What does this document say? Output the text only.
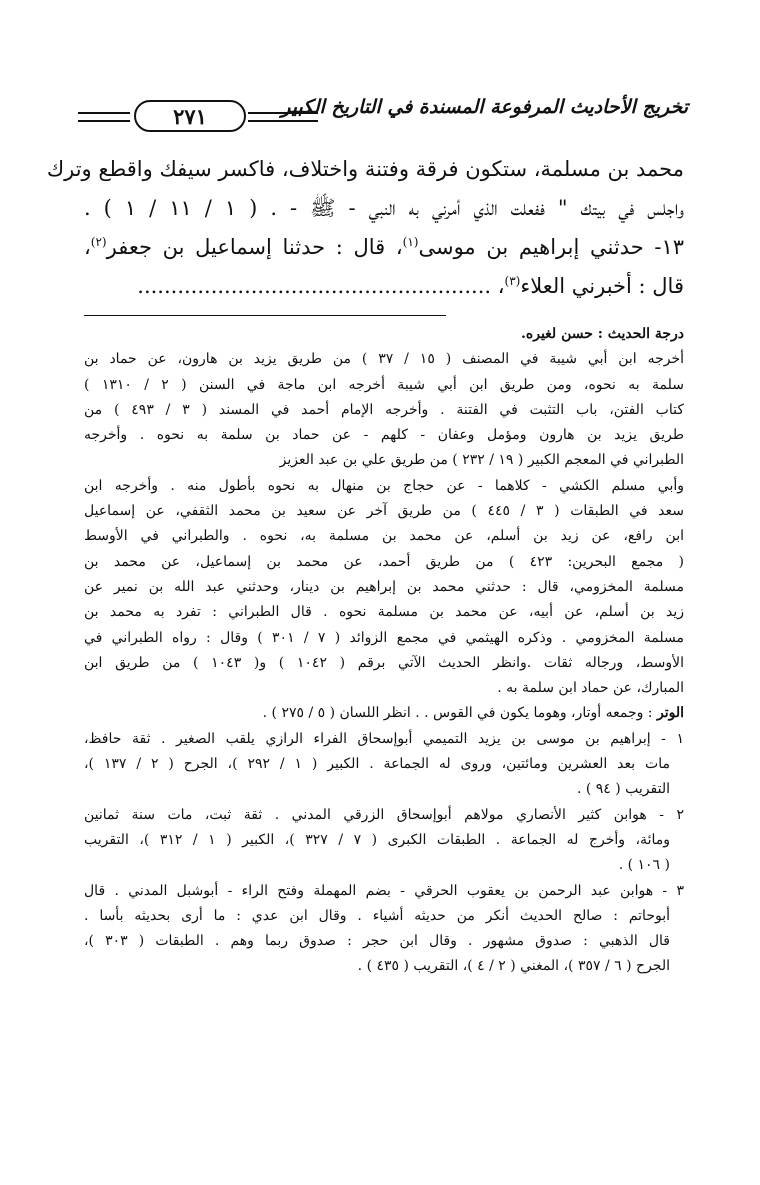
تخريج الأحاديث المرفوعة المسندة في التاريخ الكبير
٢٧١
محمد بن مسلمة، ستكون فرقة وفتنة واختلاف، فاكسر سيفك واقطع وترك
واجلس في بيتك " ففعلت الذي أمرني به النبي - ﷺ - . ( ١ / ١١ / ١ ) .
١٣- حدثني إبراهيم بن موسى$^{(١)}$، قال : حدثنا إسماعيل بن جعفر$^{(٢)}$،
قال : أخبرني العلاء$^{(٣)}$، .....................................................
درجة الحديث : حسن لغيره.
أخرجه ابن أبي شيبة في المصنف ( ١٥ / ٣٧ ) من طريق يزيد بن هارون، عن حماد بن
سلمة به نحوه، ومن طريق ابن أبي شيبة أخرجه ابن ماجة في السنن ( ٢ / ١٣١٠ )
كتاب الفتن، باب التثبت في الفتنة . وأخرجه الإمام أحمد في المسند ( ٣ / ٤٩٣ ) من
طريق يزيد بن هارون ومؤمل وعفان - كلهم - عن حماد بن سلمة به نحوه . وأخرجه
الطبراني في المعجم الكبير ( ١٩ / ٢٣٢ ) من طريق علي بن عبد العزيز
وأبي مسلم الكشي - كلاهما - عن حجاج بن منهال به نحوه بأطول منه . وأخرجه ابن
سعد في الطبقات ( ٣ / ٤٤٥ ) من طريق آخر عن سعيد بن محمد الثقفي، عن إسماعيل
ابن رافع، عن زيد بن أسلم، عن محمد بن مسلمة به، نحوه . والطبراني في الأوسط
( مجمع البحرين: ٤٢٣ ) من طريق أحمد، عن محمد بن إسماعيل، عن محمد بن
مسلمة المخزومي، قال : حدثني محمد بن إبراهيم بن دينار، وحدثني عبد الله بن نمير عن
زيد بن أسلم، عن أبيه، عن محمد بن مسلمة نحوه . قال الطبراني : تفرد به محمد بن
مسلمة المخزومي . وذكره الهيثمي في مجمع الزوائد ( ٧ / ٣٠١ ) وقال : رواه الطبراني في
الأوسط، ورجاله ثقات .وانظر الحديث الآتي برقم ( ١٠٤٢ ) و( ١٠٤٣ ) من طريق ابن
المبارك، عن حماد ابن سلمة به .
الوتر : وجمعه أوتار، وهوما يكون في القوس . . انظر اللسان ( ٥ / ٢٧٥ ) .
١ - إبراهيم بن موسى بن يزيد التميمي أبوإسحاق الفراء الرازي يلقب الصغير . ثقة حافظ،
مات بعد العشرين ومائتين، وروى له الجماعة . الكبير ( ١ / ٢٩٢ )، الجرح ( ٢ / ١٣٧ )،
التقريب ( ٩٤ ) .
٢ - هوابن كثير الأنصاري مولاهم أبوإسحاق الزرقي المدني . ثقة ثبت، مات سنة ثمانين
ومائة، وأخرج له الجماعة . الطبقات الكبرى ( ٧ / ٣٢٧ )، الكبير ( ١ / ٣١٢ )، التقريب
( ١٠٦ ) .
٣ - هوابن عبد الرحمن بن يعقوب الحرقي - بضم المهملة وفتح الراء - أبوشبل المدني . قال
أبوحاتم : صالح الحديث أنكر من حديثه أشياء . وقال ابن عدي : ما أرى بحديثه بأسا .
قال الذهبي : صدوق مشهور . وقال ابن حجر : صدوق ربما وهم . الطبقات ( ٣٠٣ )،
الجرح ( ٦ / ٣٥٧ )، المغني ( ٢ / ٤ )، التقريب ( ٤٣٥ ) .
